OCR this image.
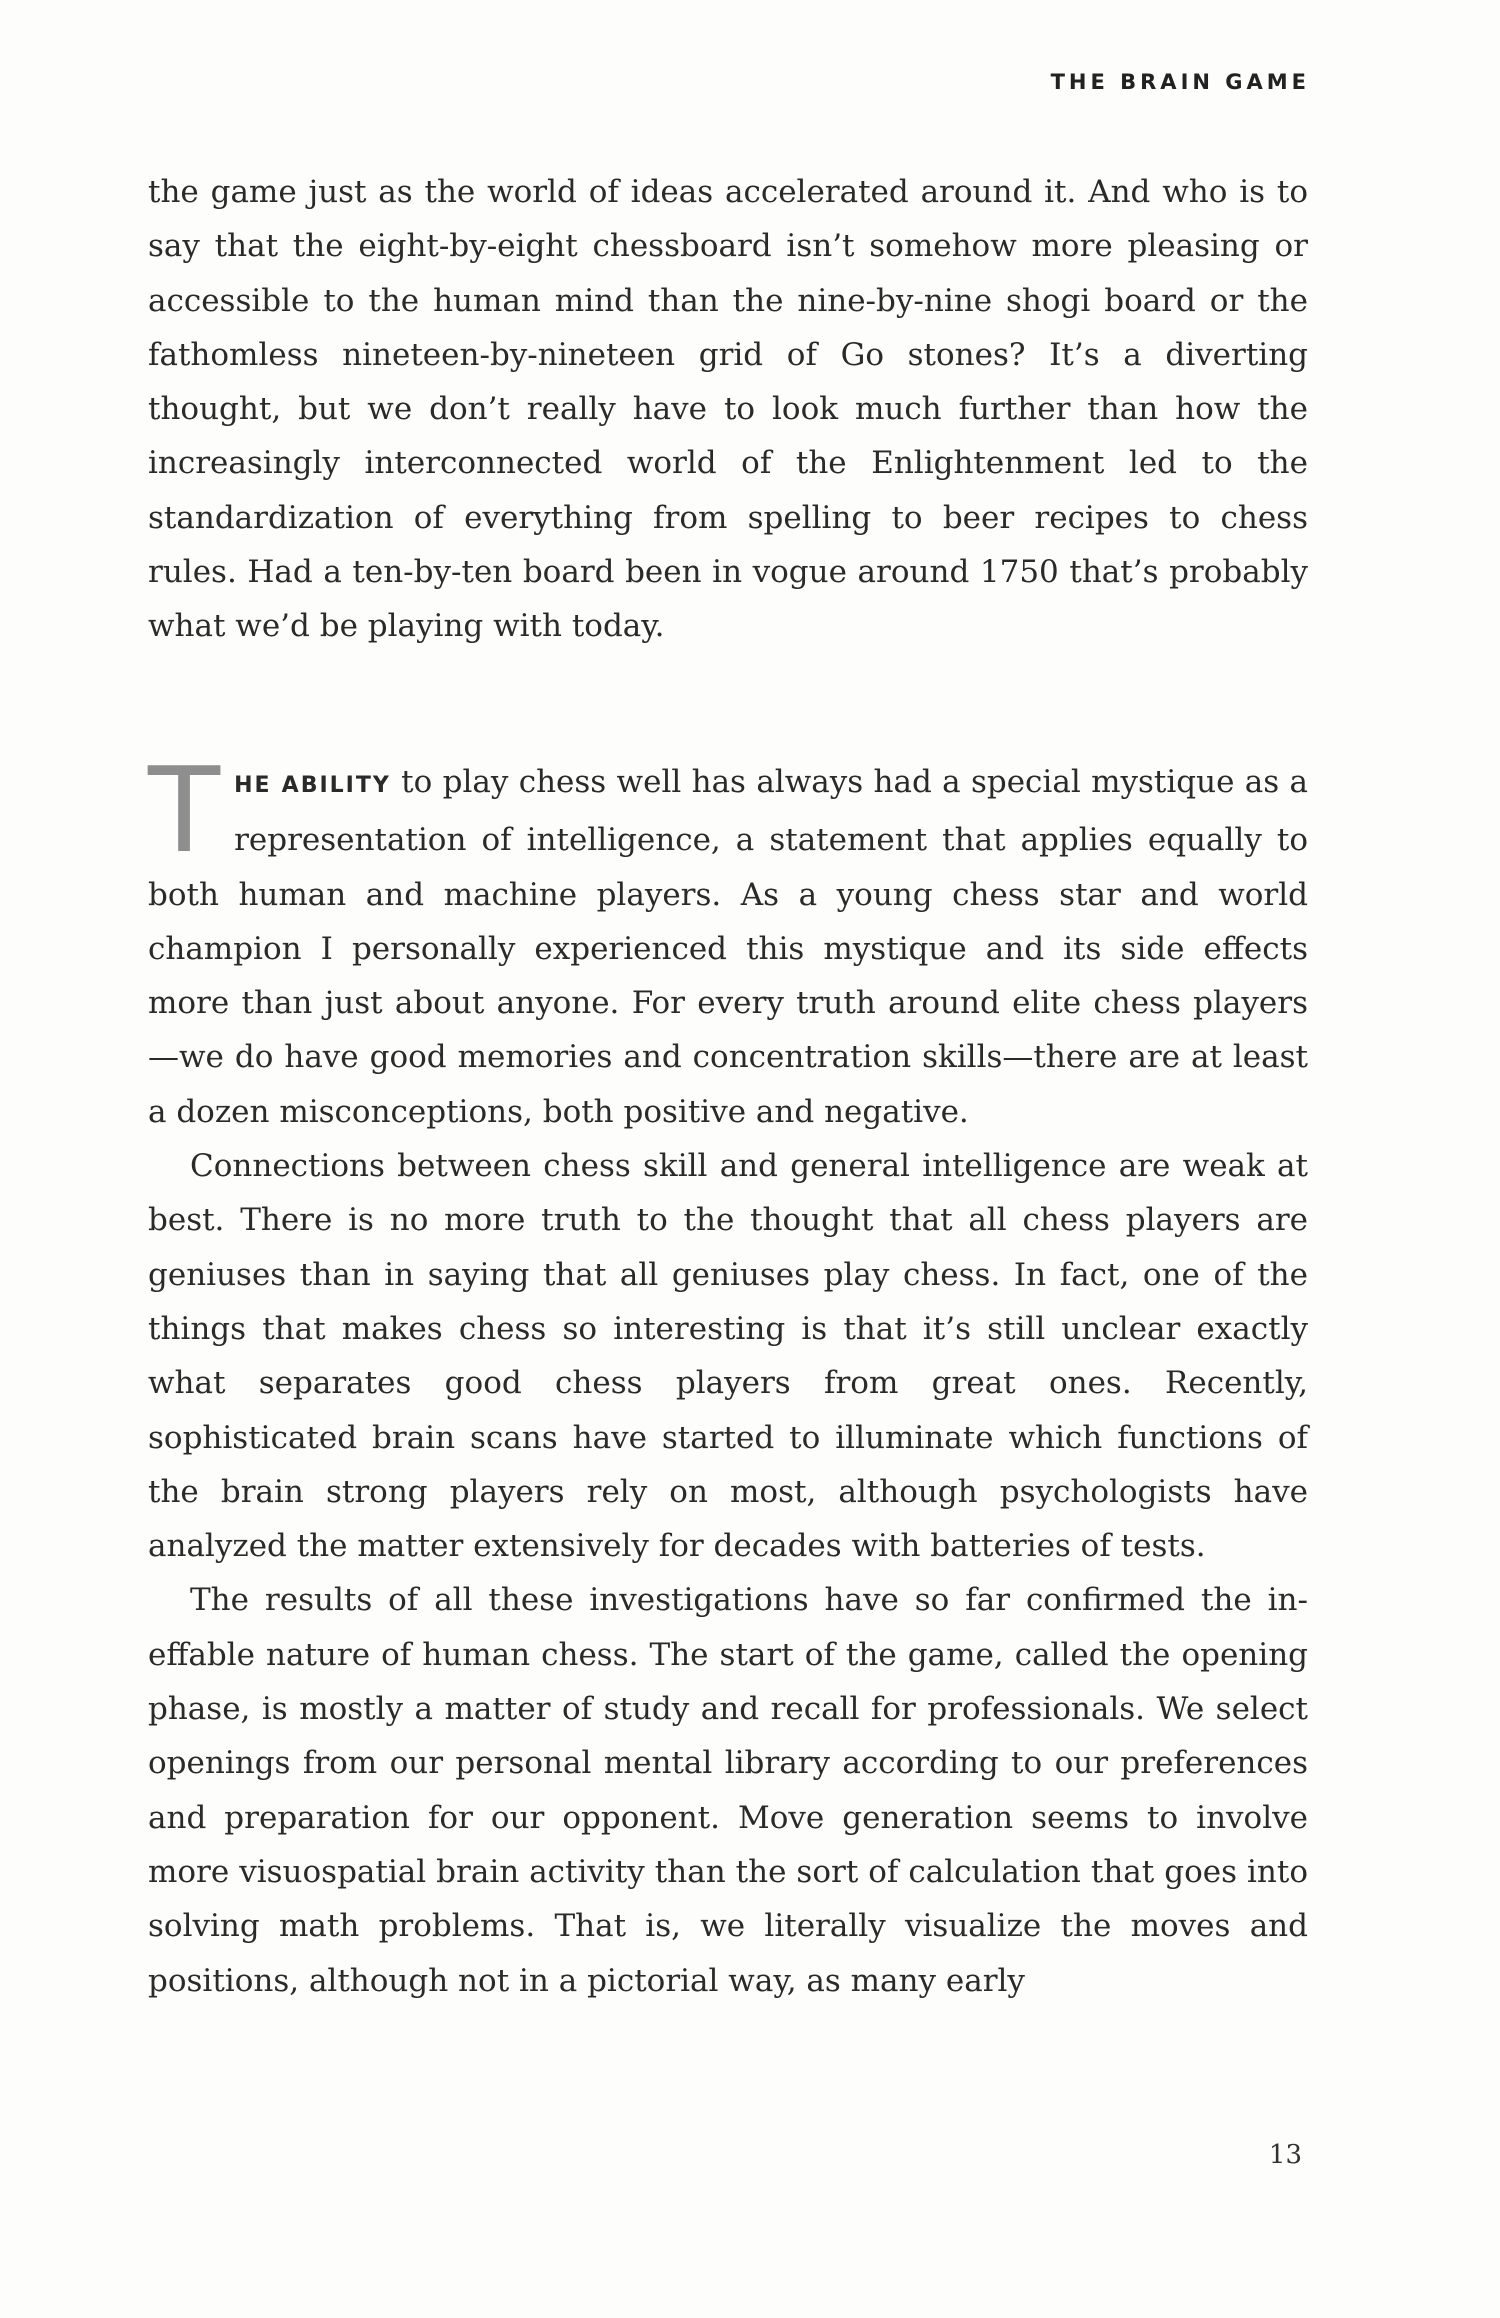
THE BRAIN GAME

the game just as the world of ideas accelerated around it. And who is to say that the eight-by-eight chessboard isn’t somehow more pleasing or accessible to the human mind than the nine-by-nine shogi board or the fathomless nineteen-by-nineteen grid of Go stones? It’s a diverting thought, but we don’t really have to look much further than how the increasingly interconnected world of the Enlightenment led to the standardization of everything from spelling to beer recipes to chess rules. Had a ten-by-ten board been in vogue around 1750 that’s probably what we’d be playing with today.

THE ABILITY to play chess well has always had a special mystique as a representation of intelligence, a statement that applies equally to both human and machine players. As a young chess star and world champion I personally experienced this mystique and its side effects more than just about anyone. For every truth around elite chess players—we do have good memories and concentration skills—there are at least a dozen misconceptions, both positive and negative.

Connections between chess skill and general intelligence are weak at best. There is no more truth to the thought that all chess players are geniuses than in saying that all geniuses play chess. In fact, one of the things that makes chess so interesting is that it’s still unclear exactly what separates good chess players from great ones. Recently, sophisticated brain scans have started to illuminate which functions of the brain strong players rely on most, although psychologists have analyzed the matter extensively for decades with batteries of tests.

The results of all these investigations have so far confirmed the ineffable nature of human chess. The start of the game, called the opening phase, is mostly a matter of study and recall for professionals. We select openings from our personal mental library according to our preferences and preparation for our opponent. Move generation seems to involve more visuospatial brain activity than the sort of calculation that goes into solving math problems. That is, we literally visualize the moves and positions, although not in a pictorial way, as many early

13
